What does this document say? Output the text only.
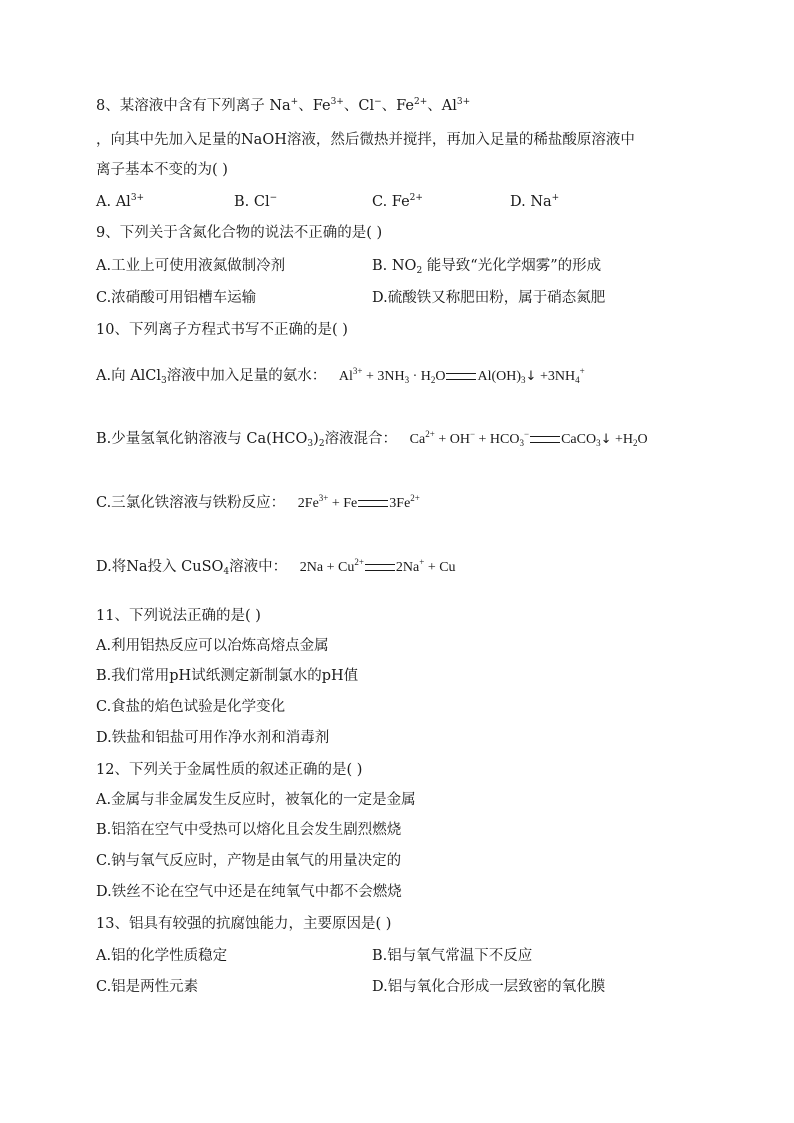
8、某溶液中含有下列离子 Na+、$Fe^{3+}$、Cl−、$Fe^{2+}$、$Al^{3+}$
，向其中先加入足量的NaOH溶液，然后微热并搅拌，再加入足量的稀盐酸原溶液中
离子基本不变的为( )
A. $Al^{3+}$	B. Cl−	C. $Fe^{2+}$	D. Na+
9、下列关于含氮化合物的说法不正确的是( )
A.工业上可使用液氮做制冷剂	B. $NO_2$ 能导致“光化学烟雾”的形成
C.浓硝酸可用铝槽车运输	D.硫酸铁又称肥田粉，属于硝态氮肥
10、下列离子方程式书写不正确的是( )
A.向 AlCl$_3$溶液中加入足量的氨水： $Al^{3+} + 3NH_3 \cdot H_2O$ $Al(OH)_3↓ +3NH_4^+$
B.少量氢氧化钠溶液与 $Ca(HCO_3)_2$溶液混合： $Ca^{2+} + OH^- + HCO_3^-$ CaCO$_3$↓ $+H_2O$
C.三氯化铁溶液与铁粉反应： $2Fe^{3+} + Fe$ $3Fe^{2+}$
D.将Na投入 CuSO$_4$溶液中： $2Na + Cu^{2+}$ 2Na+ + Cu
11、下列说法正确的是( )
A.利用铝热反应可以冶炼高熔点金属
B.我们常用pH试纸测定新制氯水的pH值
C.食盐的焰色试验是化学变化
D.铁盐和铝盐可用作净水剂和消毒剂
12、下列关于金属性质的叙述正确的是( )
A.金属与非金属发生反应时，被氧化的一定是金属
B.铝箔在空气中受热可以熔化且会发生剧烈燃烧
C.钠与氧气反应时，产物是由氧气的用量决定的
D.铁丝不论在空气中还是在纯氧气中都不会燃烧
13、铝具有较强的抗腐蚀能力，主要原因是( )
A.铝的化学性质稳定	B.铝与氧气常温下不反应
C.铝是两性元素	D.铝与氧化合形成一层致密的氧化膜
